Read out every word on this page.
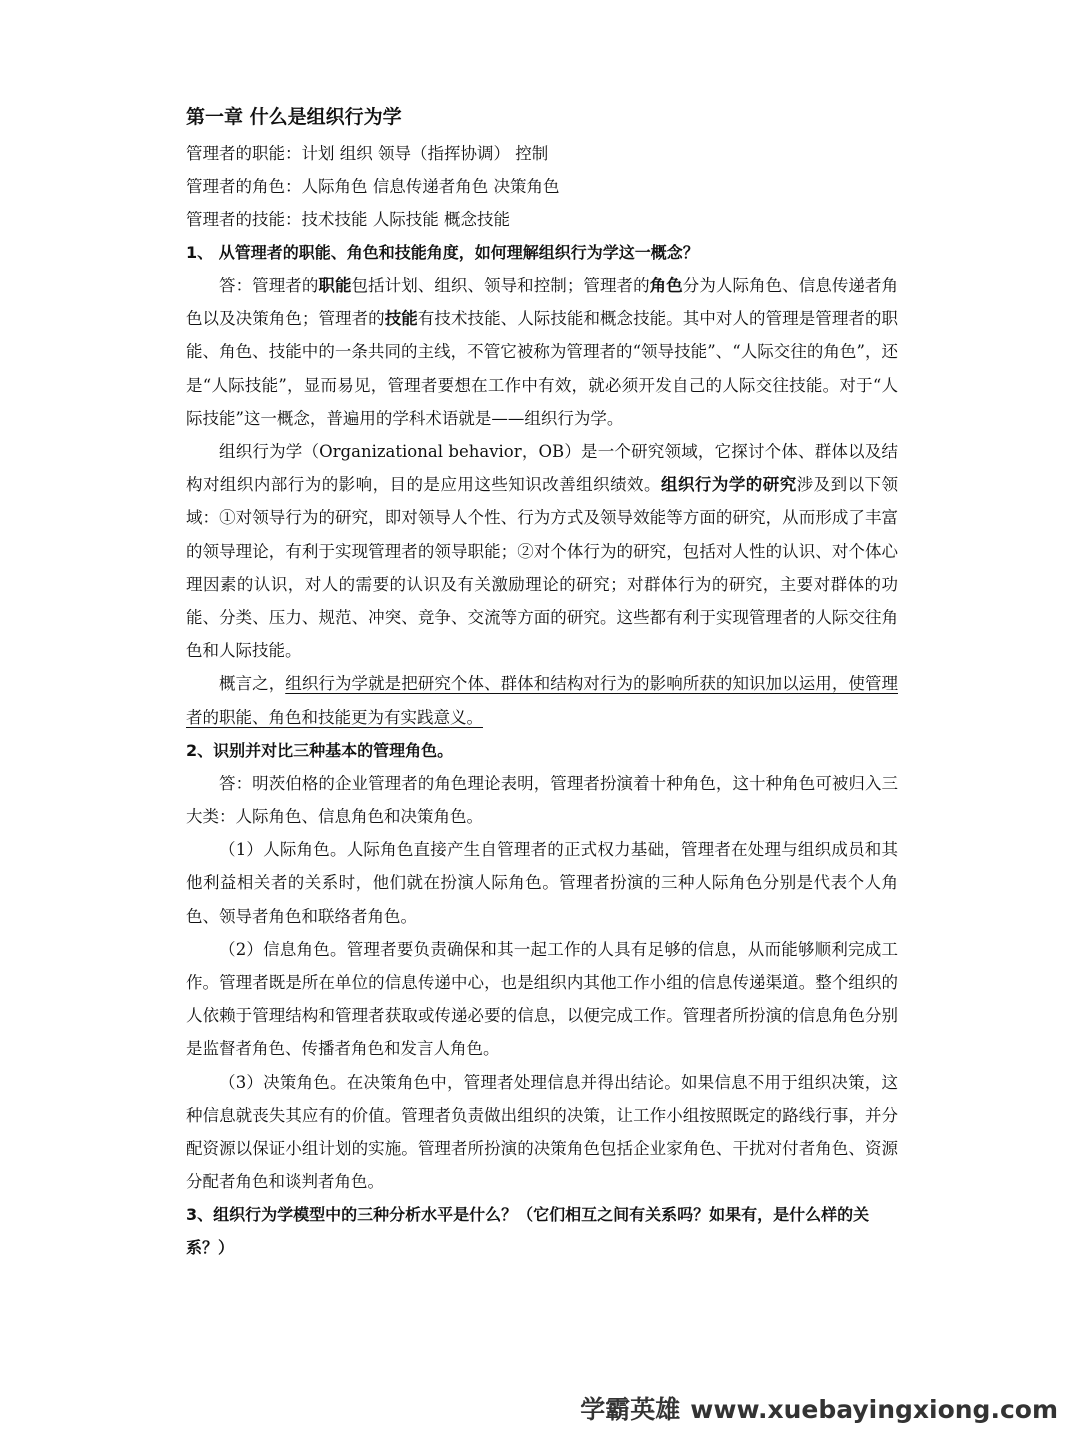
第一章 什么是组织行为学

管理者的职能：计划 组织 领导（指挥协调） 控制

管理者的角色：人际角色 信息传递者角色 决策角色

管理者的技能：技术技能 人际技能 概念技能

1、 从管理者的职能、角色和技能角度，如何理解组织行为学这一概念？

答：管理者的职能包括计划、组织、领导和控制；管理者的角色分为人际角色、信息传递者角色以及决策角色；管理者的技能有技术技能、人际技能和概念技能。其中对人的管理是管理者的职能、角色、技能中的一条共同的主线，不管它被称为管理者的“领导技能”、“人际交往的角色”，还是“人际技能”，显而易见，管理者要想在工作中有效，就必须开发自己的人际交往技能。对于“人际技能”这一概念，普遍用的学科术语就是——组织行为学。

组织行为学（Organizational behavior，OB）是一个研究领域，它探讨个体、群体以及结构对组织内部行为的影响，目的是应用这些知识改善组织绩效。组织行为学的研究涉及到以下领域：①对领导行为的研究，即对领导人个性、行为方式及领导效能等方面的研究，从而形成了丰富的领导理论，有利于实现管理者的领导职能；②对个体行为的研究，包括对人性的认识、对个体心理因素的认识，对人的需要的认识及有关激励理论的研究；对群体行为的研究，主要对群体的功能、分类、压力、规范、冲突、竞争、交流等方面的研究。这些都有利于实现管理者的人际交往角色和人际技能。

概言之，组织行为学就是把研究个体、群体和结构对行为的影响所获的知识加以运用，使管理者的职能、角色和技能更为有实践意义。

2、识别并对比三种基本的管理角色。

答：明茨伯格的企业管理者的角色理论表明，管理者扮演着十种角色，这十种角色可被归入三大类：人际角色、信息角色和决策角色。

（1）人际角色。人际角色直接产生自管理者的正式权力基础，管理者在处理与组织成员和其他利益相关者的关系时，他们就在扮演人际角色。管理者扮演的三种人际角色分别是代表个人角色、领导者角色和联络者角色。

（2）信息角色。管理者要负责确保和其一起工作的人具有足够的信息，从而能够顺利完成工作。管理者既是所在单位的信息传递中心，也是组织内其他工作小组的信息传递渠道。整个组织的人依赖于管理结构和管理者获取或传递必要的信息，以便完成工作。管理者所扮演的信息角色分别是监督者角色、传播者角色和发言人角色。

（3）决策角色。在决策角色中，管理者处理信息并得出结论。如果信息不用于组织决策，这种信息就丧失其应有的价值。管理者负责做出组织的决策，让工作小组按照既定的路线行事，并分配资源以保证小组计划的实施。管理者所扮演的决策角色包括企业家角色、干扰对付者角色、资源分配者角色和谈判者角色。

3、组织行为学模型中的三种分析水平是什么？（它们相互之间有关系吗？如果有，是什么样的关系？）

学霸英雄 www.xuebayingxiong.com
